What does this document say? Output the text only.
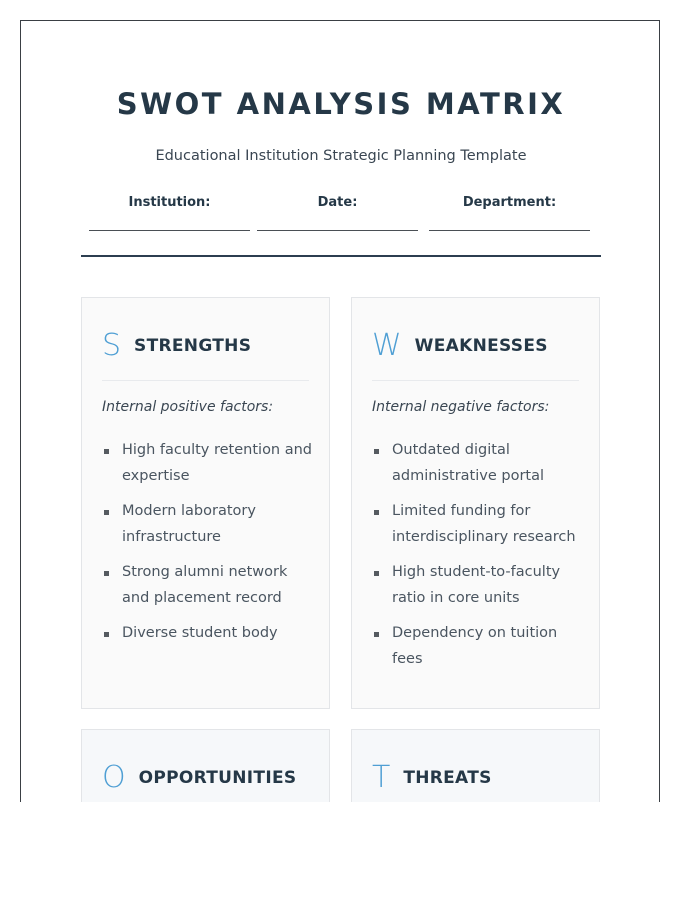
SWOT ANALYSIS MATRIX

Educational Institution Strategic Planning Template

Institution:	Date:	Department:
S STRENGTHS
Internal positive factors:
High faculty retention and expertise
Modern laboratory infrastructure
Strong alumni network and placement record
Diverse student body
W WEAKNESSES
Internal negative factors:
Outdated digital administrative portal
Limited funding for interdisciplinary research
High student-to-faculty ratio in core units
Dependency on tuition fees
O OPPORTUNITIES	T THREATS
